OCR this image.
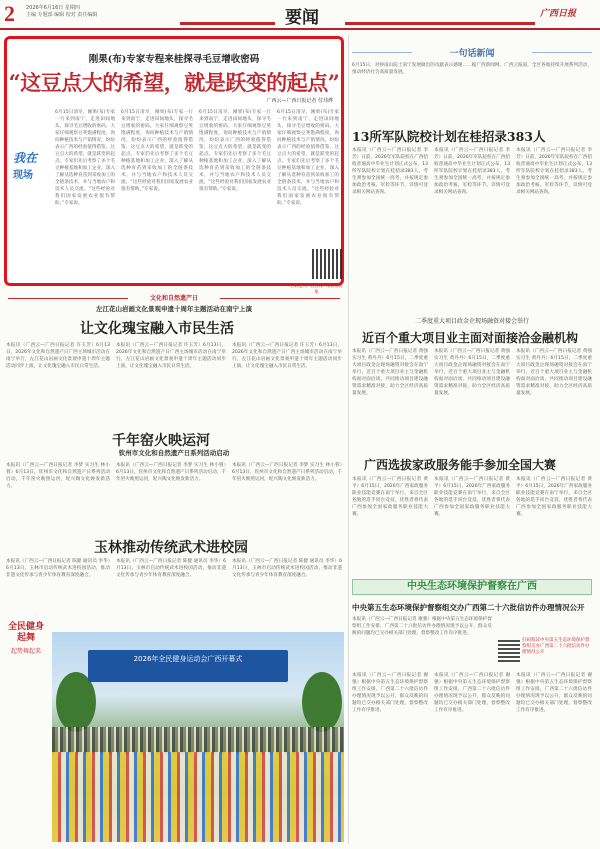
2 2026年6月16日 星期四
主编 专题部 编辑 校对 责任编辑	要闻	广西日报
刚果(布)专家专程来桂探寻毛豆增收密码
“这豆点大的希望，就是跃变的起点”
广西云—广西日报记者 付玮烨
我在
现场
6月15日清早，刚果(布)专家一行来到南宁，走进田间地头，探寻毛豆增收的密码。大家仔细观察豆荚饱满程度，询问种植技术与产销情况，纷纷表示广西的经验值得借鉴，这豆点大的希望，就是跃变的起点。专家们先后考察了多个毛豆种植基地和加工企业，深入了解从选种育苗到采收加工的全链条技术，并与当地农户和技术人员交流。“这些经验对我们国家发展农业很有帮助。”专家说。
6月15日清早，刚果(布)专家一行来到南宁，走进田间地头，探寻毛豆增收的密码。大家仔细观察豆荚饱满程度，询问种植技术与产销情况，纷纷表示广西的经验值得借鉴，这豆点大的希望，就是跃变的起点。专家们先后考察了多个毛豆种植基地和加工企业，深入了解从选种育苗到采收加工的全链条技术，并与当地农户和技术人员交流。“这些经验对我们国家发展农业很有帮助。”专家说。
6月15日清早，刚果(布)专家一行来到南宁，走进田间地头，探寻毛豆增收的密码。大家仔细观察豆荚饱满程度，询问种植技术与产销情况，纷纷表示广西的经验值得借鉴，这豆点大的希望，就是跃变的起点。专家们先后考察了多个毛豆种植基地和加工企业，深入了解从选种育苗到采收加工的全链条技术，并与当地农户和技术人员交流。“这些经验对我们国家发展农业很有帮助。”专家说。
6月15日清早，刚果(布)专家一行来到南宁，走进田间地头，探寻毛豆增收的密码。大家仔细观察豆荚饱满程度，询问种植技术与产销情况，纷纷表示广西的经验值得借鉴，这豆点大的希望，就是跃变的起点。专家们先后考察了多个毛豆种植基地和加工企业，深入了解从选种育苗到采收加工的全链条技术，并与当地农户和技术人员交流。“这些经验对我们国家发展农业很有帮助。”专家说。
扫码进入广西云客户端查看图集
一句话新闻
6月15日，对钟南山院士南宁发展做出的贡献表示感谢……据广西新闻网、广西云报道，全区各地持续开展系列活动，推动经济社会高质量发展。
13所军队院校计划在桂招录383人
本报讯（广西云—广西日报记者 李芳）日前，2026年军队院校在广西招收普通高中毕业生计划正式公布，13所军队院校计划在桂招录383人。考生须参加全国统一高考，并按规定参加政治考核、军检等环节，详情可登录相关网站查询。
本报讯（广西云—广西日报记者 李芳）日前，2026年军队院校在广西招收普通高中毕业生计划正式公布，13所军队院校计划在桂招录383人。考生须参加全国统一高考，并按规定参加政治考核、军检等环节，详情可登录相关网站查询。
本报讯（广西云—广西日报记者 李芳）日前，2026年军队院校在广西招收普通高中毕业生计划正式公布，13所军队院校计划在桂招录383人。考生须参加全国统一高考，并按规定参加政治考核、军检等环节，详情可登录相关网站查询。
二季度重大项目政金企现场融资对接会举行
近百个重大项目业主面对面接洽金融机构
本报讯（广西云—广西日报记者 黄强 实习生 黄丹丹）6月15日，二季度重大项目政金企现场融资对接会在南宁举行，近百个重大项目业主与金融机构面对面洽谈，共同推动项目建设融资需求精准对接，助力全区经济高质量发展。
本报讯（广西云—广西日报记者 黄强 实习生 黄丹丹）6月15日，二季度重大项目政金企现场融资对接会在南宁举行，近百个重大项目业主与金融机构面对面洽谈，共同推动项目建设融资需求精准对接，助力全区经济高质量发展。
本报讯（广西云—广西日报记者 黄强 实习生 黄丹丹）6月15日，二季度重大项目政金企现场融资对接会在南宁举行，近百个重大项目业主与金融机构面对面洽谈，共同推动项目建设融资需求精准对接，助力全区经济高质量发展。
广西选拔家政服务能手参加全国大赛
本报讯（广西云—广西日报记者 黄平）6月15日，2026年广西家政服务职业技能竞赛在南宁举行，来自全区各地的选手同台竞技，优胜者将代表广西参加全国家政服务职业技能大赛。
本报讯（广西云—广西日报记者 黄平）6月15日，2026年广西家政服务职业技能竞赛在南宁举行，来自全区各地的选手同台竞技，优胜者将代表广西参加全国家政服务职业技能大赛。
本报讯（广西云—广西日报记者 黄平）6月15日，2026年广西家政服务职业技能竞赛在南宁举行，来自全区各地的选手同台竞技，优胜者将代表广西参加全国家政服务职业技能大赛。
中央生态环境保护督察在广西
中央第五生态环境保护督察组交办广西第二十六批信访件办理情况公开
本报讯（广西云—广西日报记者 谢强）根据中央第五生态环境保护督察组工作安排，广西第二十六批信访件办理情况现予以公开，群众反映的问题均已交办相关部门处理，督察整改工作有序推进。
扫码阅读中央第五生态环境保护督察组交办广西第二十六批信访件办理情况公开
本报讯（广西云—广西日报记者 谢强）根据中央第五生态环境保护督察组工作安排，广西第二十六批信访件办理情况现予以公开，群众反映的问题均已交办相关部门处理，督察整改工作有序推进。
本报讯（广西云—广西日报记者 谢强）根据中央第五生态环境保护督察组工作安排，广西第二十六批信访件办理情况现予以公开，群众反映的问题均已交办相关部门处理，督察整改工作有序推进。
本报讯（广西云—广西日报记者 谢强）根据中央第五生态环境保护督察组工作安排，广西第二十六批信访件办理情况现予以公开，群众反映的问题均已交办相关部门处理，督察整改工作有序推进。
文化和自然遗产日
左江花山岩画文化景观申遗十周年主题活动在南宁上演
让文化瑰宝融入市民生活
本报讯（广西云—广西日报记者 许玉芳）6月13日，2026年文化和自然遗产日广西主场城市活动在南宁举行，左江花山岩画文化景观申遗十周年主题活动同步上演，让文化瑰宝融入市民日常生活。
本报讯（广西云—广西日报记者 许玉芳）6月13日，2026年文化和自然遗产日广西主场城市活动在南宁举行，左江花山岩画文化景观申遗十周年主题活动同步上演，让文化瑰宝融入市民日常生活。
本报讯（广西云—广西日报记者 许玉芳）6月13日，2026年文化和自然遗产日广西主场城市活动在南宁举行，左江花山岩画文化景观申遗十周年主题活动同步上演，让文化瑰宝融入市民日常生活。
千年窑火映运河
钦州市文化和自然遗产日系列活动启动
本报讯（广西云—广西日报记者 李梦 实习生 林小蓉）6月13日，钦州市文化和自然遗产日系列活动启动，千年窑火映照运河，坭兴陶文化焕发新活力。
本报讯（广西云—广西日报记者 李梦 实习生 林小蓉）6月13日，钦州市文化和自然遗产日系列活动启动，千年窑火映照运河，坭兴陶文化焕发新活力。
本报讯（广西云—广西日报记者 李梦 实习生 林小蓉）6月13日，钦州市文化和自然遗产日系列活动启动，千年窑火映照运河，坭兴陶文化焕发新活力。
玉林推动传统武术进校园
本报讯（广西云—广西日报记者 陈健 通讯员 李华）6月13日，玉林市启动传统武术进校园活动，推动非遗文化传承与青少年体育教育深度融合。
本报讯（广西云—广西日报记者 陈健 通讯员 李华）6月13日，玉林市启动传统武术进校园活动，推动非遗文化传承与青少年体育教育深度融合。
本报讯（广西云—广西日报记者 陈健 通讯员 李华）6月13日，玉林市启动传统武术进校园活动，推动非遗文化传承与青少年体育教育深度融合。
全民健身起舞
起势舞起来
2026年全民健身运动会广西开幕式
